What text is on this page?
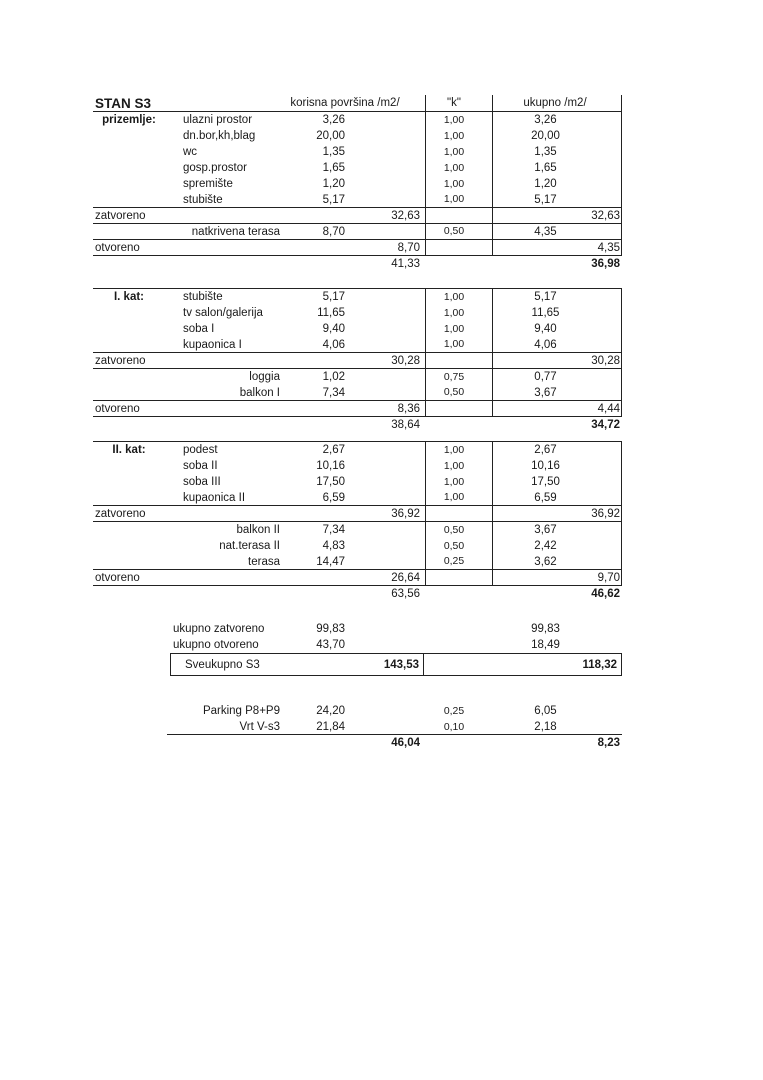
STAN S3	korisna površina /m2/	"k"	ukupno /m2/
prizemlje:	ulazni prostor	3,26	1,00	3,26
dn.bor,kh,blag	20,00	1,00	20,00
wc	1,35	1,00	1,35
gosp.prostor	1,65	1,00	1,65
spremište	1,20	1,00	1,20
stubište	5,17	1,00	5,17
zatvoreno	32,63	32,63
natkrivena terasa	8,70	0,50	4,35
otvoreno	8,70	4,35
41,33	36,98
I. kat:	stubište	5,17	1,00	5,17
tv salon/galerija	11,65	1,00	11,65
soba I	9,40	1,00	9,40
kupaonica I	4,06	1,00	4,06
zatvoreno	30,28	30,28
loggia	1,02	0,75	0,77
balkon I	7,34	0,50	3,67
otvoreno	8,36	4,44
38,64	34,72
II. kat:	podest	2,67	1,00	2,67
soba II	10,16	1,00	10,16
soba III	17,50	1,00	17,50
kupaonica II	6,59	1,00	6,59
zatvoreno	36,92	36,92
balkon II	7,34	0,50	3,67
nat.terasa II	4,83	0,50	2,42
terasa	14,47	0,25	3,62
otvoreno	26,64	9,70
63,56	46,62
ukupno zatvoreno	99,83	99,83
ukupno otvoreno	43,70	18,49
Sveukupno S3	143,53	118,32
Parking P8+P9	24,20	0,25	6,05
Vrt V-s3	21,84	0,10	2,18
46,04	8,23
